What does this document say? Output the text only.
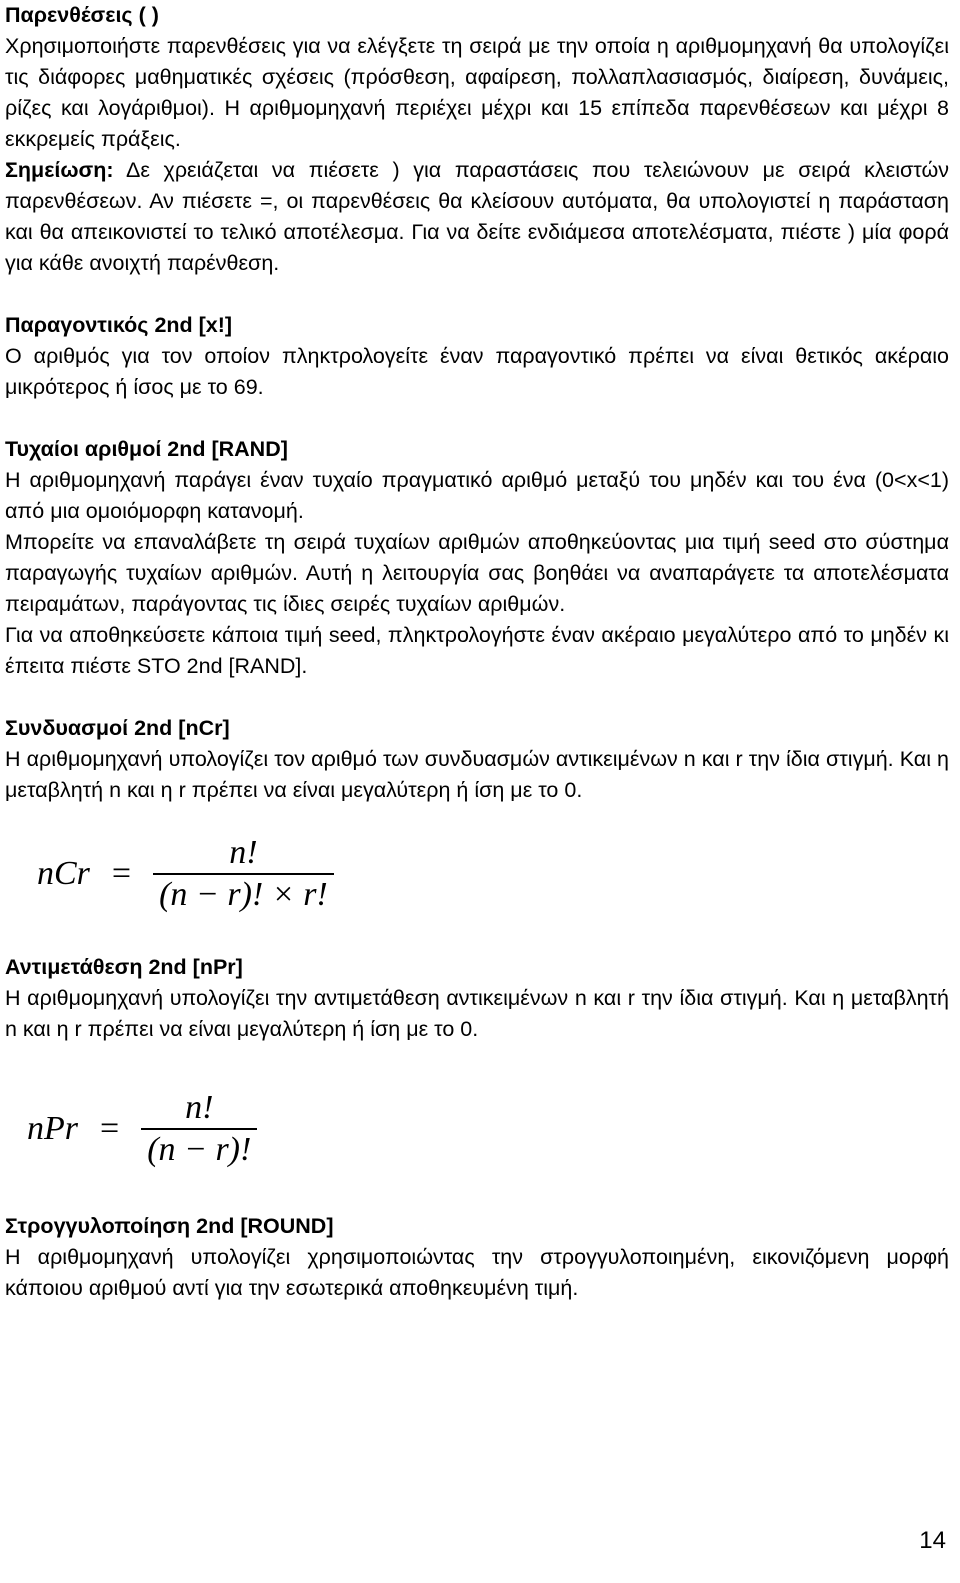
Παρενθέσεις ( )

Χρησιμοποιήστε παρενθέσεις για να ελέγξετε τη σειρά με την οποία η αριθμομηχανή θα υπολογίζει τις διάφορες μαθηματικές σχέσεις (πρόσθεση, αφαίρεση, πολλαπλασιασμός, διαίρεση, δυνάμεις, ρίζες και λογάριθμοι). Η αριθμομηχανή περιέχει μέχρι και 15 επίπεδα παρενθέσεων και μέχρι 8 εκκρεμείς πράξεις.

Σημείωση: Δε χρειάζεται να πιέσετε ) για παραστάσεις που τελειώνουν με σειρά κλειστών παρενθέσεων. Αν πιέσετε =, οι παρενθέσεις θα κλείσουν αυτόματα, θα υπολογιστεί η παράσταση και θα απεικονιστεί το τελικό αποτέλεσμα. Για να δείτε ενδιάμεσα αποτελέσματα, πιέστε ) μία φορά για κάθε ανοιχτή παρένθεση.

Παραγοντικός 2nd [x!]

Ο αριθμός για τον οποίον πληκτρολογείτε έναν παραγοντικό πρέπει να είναι θετικός ακέραιο μικρότερος ή ίσος με το 69.

Τυχαίοι αριθμοί 2nd [RAND]

Η αριθμομηχανή παράγει έναν τυχαίο πραγματικό αριθμό μεταξύ του μηδέν και του ένα (0<x<1) από μια ομοιόμορφη κατανομή.

Μπορείτε να επαναλάβετε τη σειρά τυχαίων αριθμών αποθηκεύοντας μια τιμή seed στο σύστημα παραγωγής τυχαίων αριθμών. Αυτή η λειτουργία σας βοηθάει να αναπαράγετε τα αποτελέσματα πειραμάτων, παράγοντας τις ίδιες σειρές τυχαίων αριθμών.

Για να αποθηκεύσετε κάποια τιμή seed, πληκτρολογήστε έναν ακέραιο μεγαλύτερο από το μηδέν κι έπειτα πιέστε STO 2nd [RAND].

Συνδυασμοί 2nd [nCr]

Η αριθμομηχανή υπολογίζει τον αριθμό των συνδυασμών αντικειμένων n και r την ίδια στιγμή. Και η μεταβλητή n και η r πρέπει να είναι μεγαλύτερη ή ίση με το 0.

nCr = $\frac{n!}{(n - r)! \times r!}$
Αντιμετάθεση 2nd [nPr]

Η αριθμομηχανή υπολογίζει την αντιμετάθεση αντικειμένων n και r την ίδια στιγμή. Και η μεταβλητή n και η r πρέπει να είναι μεγαλύτερη ή ίση με το 0.

nPr = $\frac{n!}{(n - r)!}$
Στρογγυλοποίηση 2nd [ROUND]

Η αριθμομηχανή υπολογίζει χρησιμοποιώντας την στρογγυλοποιημένη, εικονιζόμενη μορφή κάποιου αριθμού αντί για την εσωτερικά αποθηκευμένη τιμή.

14
